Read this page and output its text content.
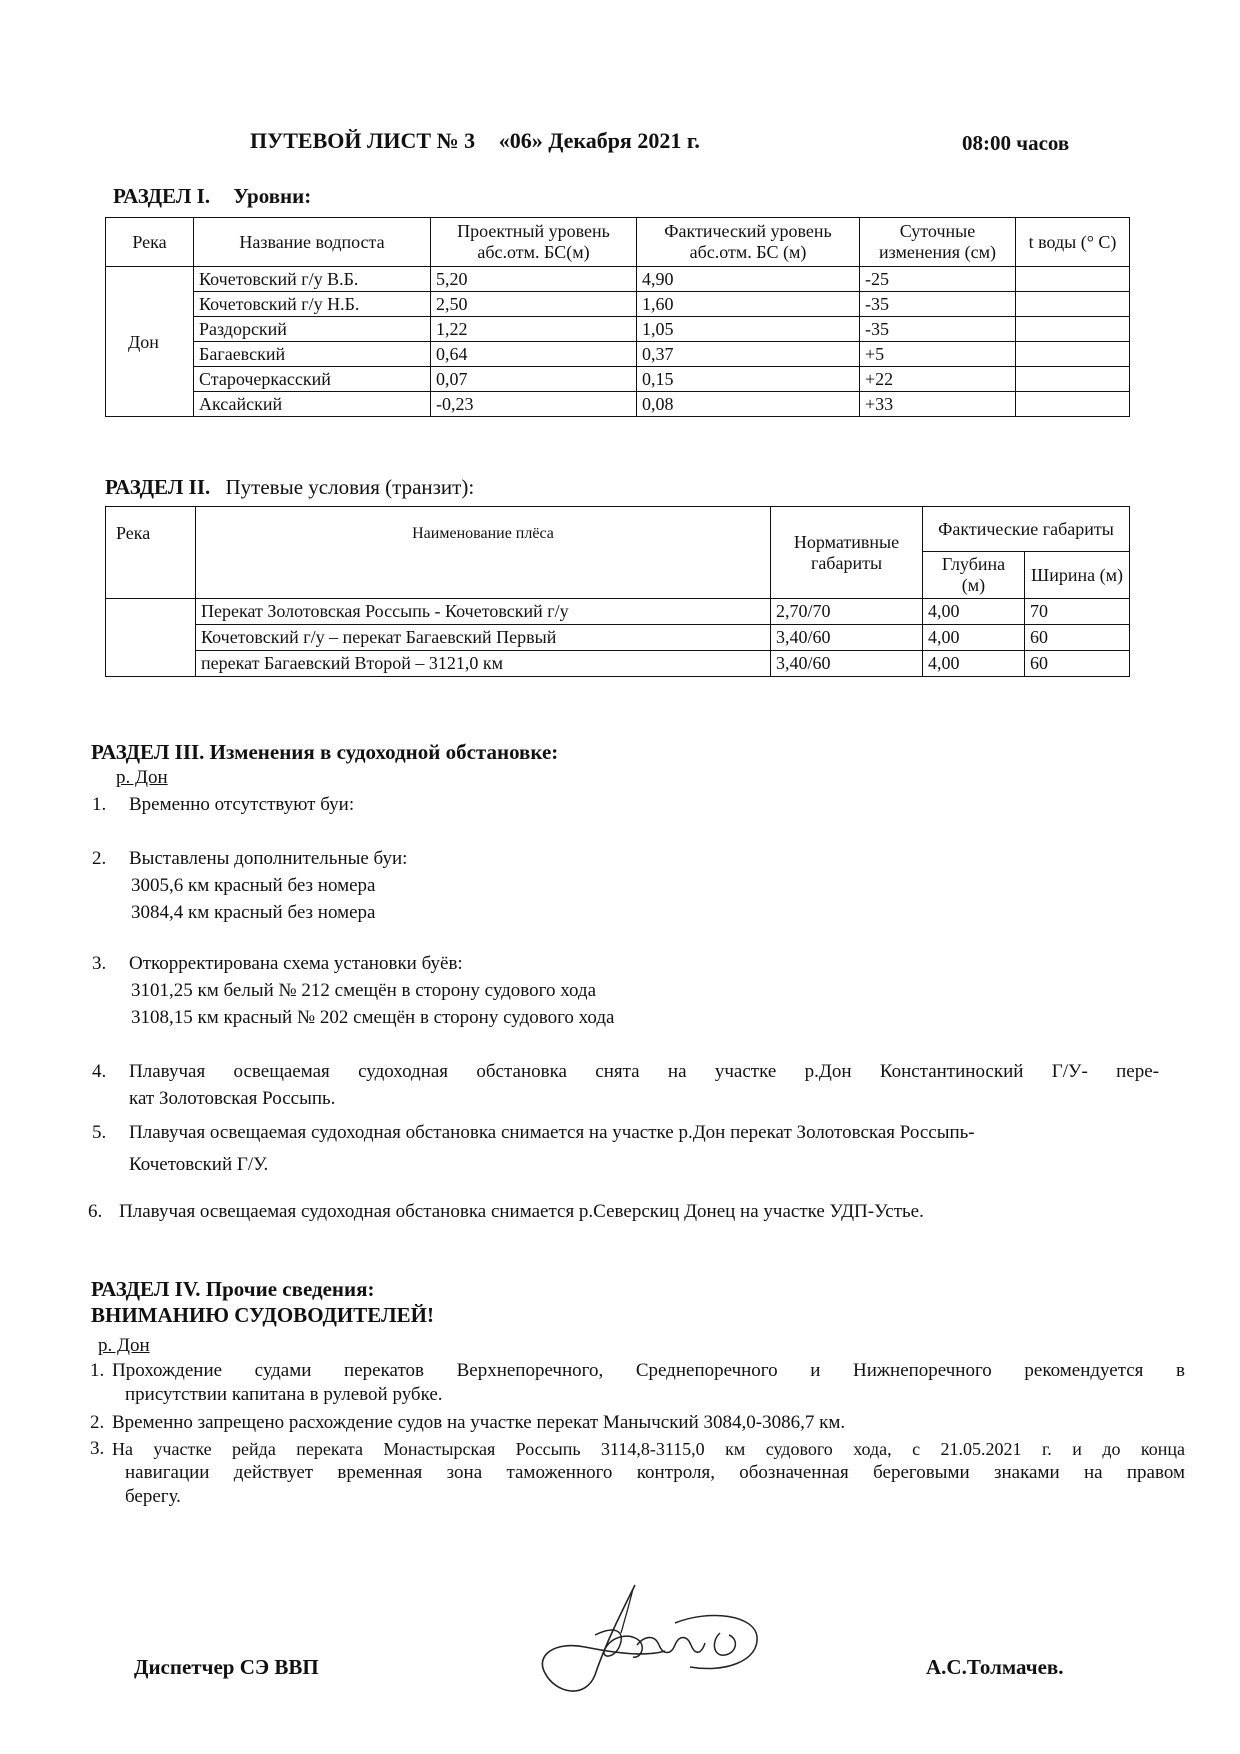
ПУТЕВОЙ ЛИСТ № 3 «06» Декабря 2021 г.	08:00 часов
РАЗДЕЛ I. Уровни:
Река	Название водпоста	Проектный уровень абс.отм. БС(м)	Фактический уровень абс.отм. БС (м)	Суточные изменения (см)	t воды (° С)
Дон	Кочетовский г/у В.Б.	5,20	4,90	-25	
	Кочетовский г/у Н.Б.	2,50	1,60	-35	
	Раздорский	1,22	1,05	-35	
	Багаевский	0,64	0,37	+5	
	Старочеркасский	0,07	0,15	+22	
	Аксайский	-0,23	0,08	+33	
РАЗДЕЛ II. Путевые условия (транзит):
Река	Наименование плёса	Нормативные габариты	Фактические габариты	
			Глубина (м)	Ширина (м)
	Перекат Золотовская Россыпь - Кочетовский г/у	2,70/70	4,00	70
	Кочетовский г/у – перекат Багаевский Первый	3,40/60	4,00	60
	перекат Багаевский Второй – 3121,0 км	3,40/60	4,00	60
РАЗДЕЛ III. Изменения в судоходной обстановке:
р. Дон
1. Временно отсутствуют буи:
2. Выставлены дополнительные буи:
3005,6 км красный без номера
3084,4 км красный без номера
3. Откорректирована схема установки буёв:
3101,25 км белый № 212 смещён в сторону судового хода
3108,15 км красный № 202 смещён в сторону судового хода
4. Плавучая освещаемая судоходная обстановка снята на участке р.Дон Константиноский Г/У- пере-
кат Золотовская Россыпь.
5. Плавучая освещаемая судоходная обстановка снимается на участке р.Дон перекат Золотовская Россыпь-
Кочетовский Г/У.
6. Плавучая освещаемая судоходная обстановка снимается р.Северскиц Донец на участке УДП-Устье.
РАЗДЕЛ IV. Прочие сведения:
ВНИМАНИЮ СУДОВОДИТЕЛЕЙ!
р. Дон
1. Прохождение судами перекатов Верхнепоречного, Среднепоречного и Нижнепоречного рекомендуется в
присутствии капитана в рулевой рубке.
2. Временно запрещено расхождение судов на участке перекат Манычский 3084,0-3086,7 км.
3. На участке рейда переката Монастырская Россыпь 3114,8-3115,0 км судового хода, с 21.05.2021 г. и до конца
навигации действует временная зона таможенного контроля, обозначенная береговыми знаками на правом
берегу.
Диспетчер СЭ ВВП	А.С.Толмачев.
